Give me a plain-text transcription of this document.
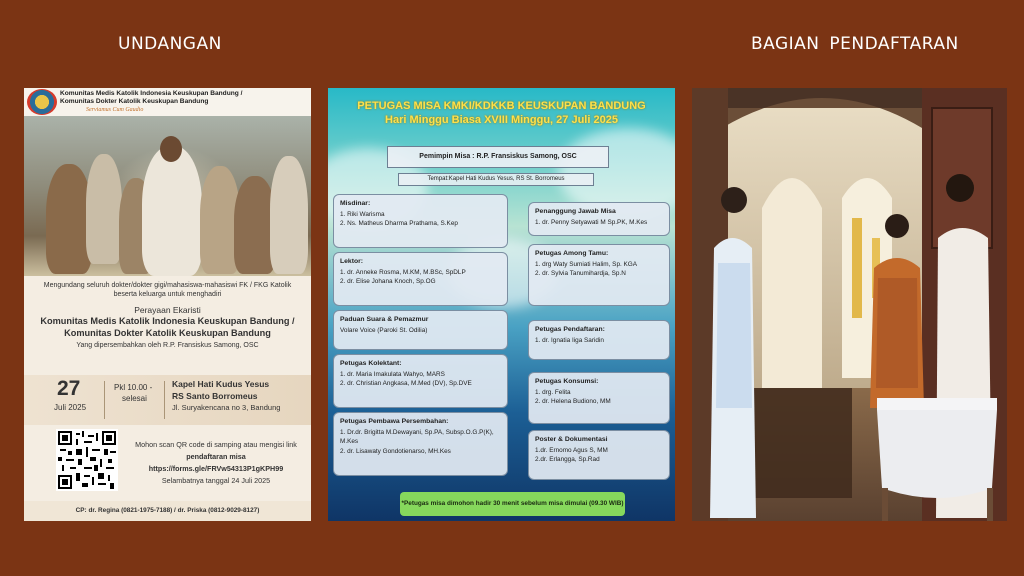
UNDANGAN	BAGIAN PENDAFTARAN
Komunitas Medis Katolik Indonesia Keuskupan Bandung /
Komunitas Dokter Katolik Keuskupan Bandung
Serviamus Cum Gaudio
Mengundang seluruh dokter/dokter gigi/mahasiswa-mahasiswi FK / FKG Katolik
beserta keluarga untuk menghadiri
Perayaan Ekaristi
Komunitas Medis Katolik Indonesia Keuskupan Bandung /
Komunitas Dokter Katolik Keuskupan Bandung
Yang dipersembahkan oleh R.P. Fransiskus Samong, OSC
27
Juli 2025
Pkl 10.00 -
selesai
Kapel Hati Kudus Yesus
RS Santo Borromeus
Jl. Suryakencana no 3, Bandung
Mohon scan QR code di samping atau mengisi link
pendaftaran misa
https://forms.gle/FRVw54313P1gKPH99
Selambatnya tanggal 24 Juli 2025
CP: dr. Regina (0821-1975-7188) / dr. Priska (0812-9029-8127)
PETUGAS MISA KMKI/KDKKB KEUSKUPAN BANDUNG
Hari Minggu Biasa XVIII Minggu, 27 Juli 2025
Pemimpin Misa : R.P. Fransiskus Samong, OSC
Tempat:Kapel Hati Kudus Yesus, RS St. Borromeus
Misdinar:
1. Riki Warisma
2. Ns. Matheus Dharma Prathama, S.Kep
Lektor:
1. dr. Anneke Rosma, M.KM, M.BSc, SpDLP
2. dr. Elise Johana Knoch, Sp.OG
Paduan Suara & Pemazmur
Volare Voice (Paroki St. Odilia)
Petugas Kolektant:
1. dr. Maria Imakulata Wahyo, MARS
2. dr. Christian Angkasa, M.Med (DV), Sp.DVE
Petugas Pembawa Persembahan:
1. Dr.dr. Brigitta M.Dewayani, Sp.PA, Subsp.O.G.P(K), M.Kes
2. dr. Lisawaty Gondotienarso, MH.Kes
Penanggung Jawab Misa
1. dr. Penny Setyawati M Sp.PK, M.Kes
Petugas Among Tamu:
1. drg Waty Sumiati Halim, Sp. KGA
2. dr. Sylvia Tanumihardja, Sp.N
Petugas Pendaftaran:
1. dr. Ignatia Iiga Saridin
Petugas Konsumsi:
1. drg. Felita
2. dr. Helena Budiono, MM
Poster & Dokumentasi
1.dr. Ernomo Agus S, MM
2.dr. Erlangga, Sp.Rad
*Petugas misa dimohon hadir 30 menit sebelum misa dimulai (09.30 WIB)
